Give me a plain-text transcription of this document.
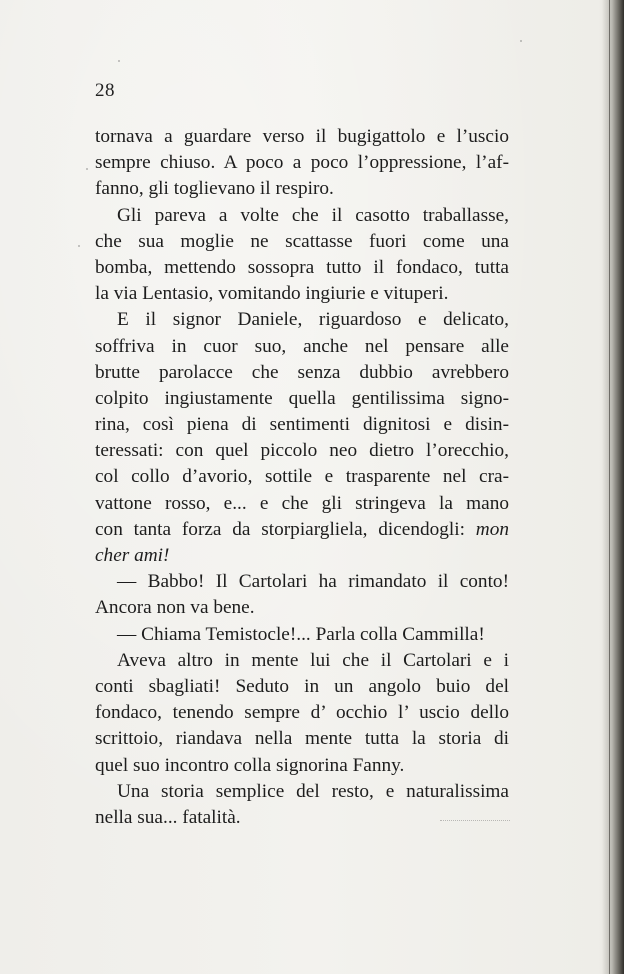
28
tornava a guardare verso il bugigattolo e l’uscio
sempre chiuso. A poco a poco l’oppressione, l’af-
fanno, gli toglievano il respiro.
Gli pareva a volte che il casotto traballasse,
che sua moglie ne scattasse fuori come una
bomba, mettendo sossopra tutto il fondaco, tutta
la via Lentasio, vomitando ingiurie e vituperi.
E il signor Daniele, riguardoso e delicato,
soffriva in cuor suo, anche nel pensare alle
brutte parolacce che senza dubbio avrebbero
colpito ingiustamente quella gentilissima signo-
rina, così piena di sentimenti dignitosi e disin-
teressati: con quel piccolo neo dietro l’orecchio,
col collo d’avorio, sottile e trasparente nel cra-
vattone rosso, e... e che gli stringeva la mano
con tanta forza da storpiargliela, dicendogli: mon
cher ami!
— Babbo! Il Cartolari ha rimandato il conto!
Ancora non va bene.
— Chiama Temistocle!... Parla colla Cammilla!
Aveva altro in mente lui che il Cartolari e i
conti sbagliati! Seduto in un angolo buio del
fondaco, tenendo sempre d’ occhio l’ uscio dello
scrittoio, riandava nella mente tutta la storia di
quel suo incontro colla signorina Fanny.
Una storia semplice del resto, e naturalissima
nella sua... fatalità.
